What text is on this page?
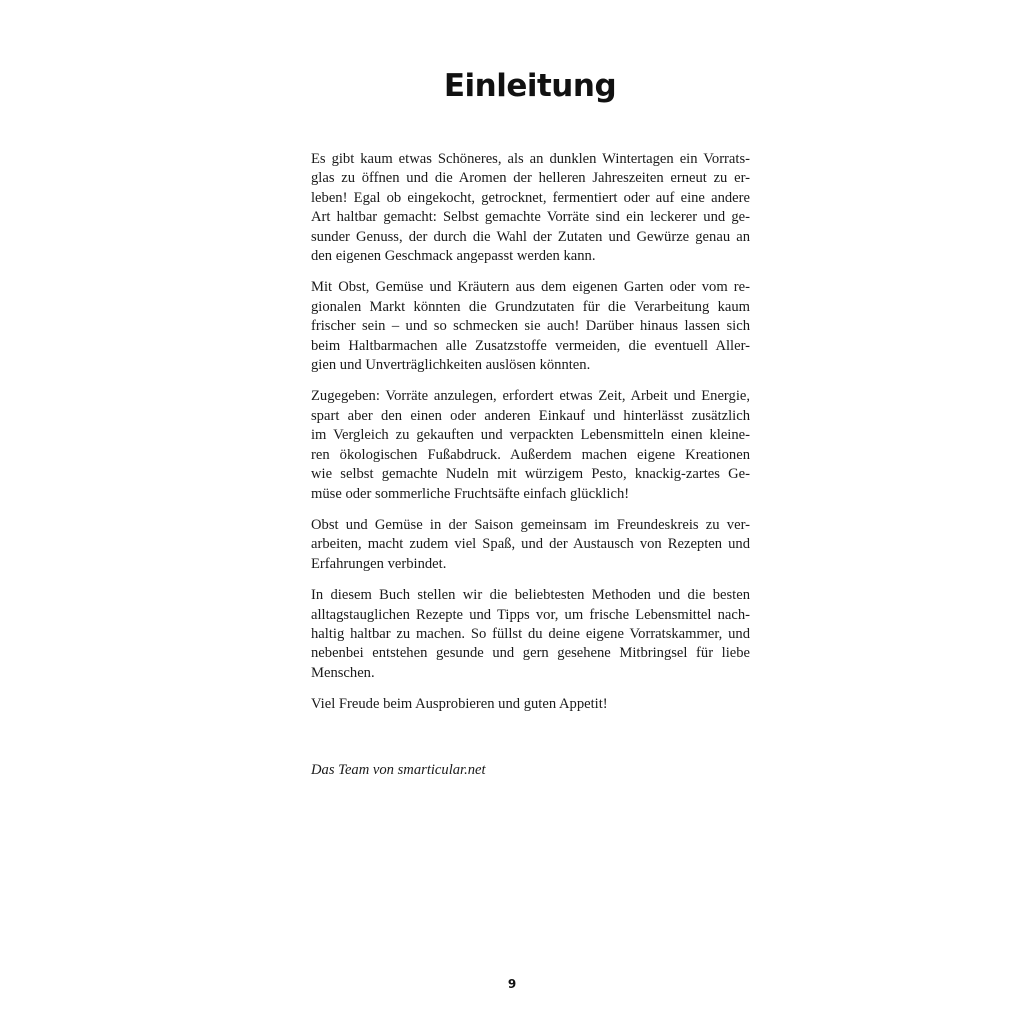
Einleitung

Es gibt kaum etwas Schöneres, als an dunklen Wintertagen ein Vorrats-
glas zu öffnen und die Aromen der helleren Jahreszeiten erneut zu er-
leben! Egal ob eingekocht, getrocknet, fermentiert oder auf eine andere
Art haltbar gemacht: Selbst gemachte Vorräte sind ein leckerer und ge-
sunder Genuss, der durch die Wahl der Zutaten und Gewürze genau an
den eigenen Geschmack angepasst werden kann.

Mit Obst, Gemüse und Kräutern aus dem eigenen Garten oder vom re-
gionalen Markt könnten die Grundzutaten für die Verarbeitung kaum
frischer sein – und so schmecken sie auch! Darüber hinaus lassen sich
beim Haltbarmachen alle Zusatzstoffe vermeiden, die eventuell Aller-
gien und Unverträglichkeiten auslösen könnten.

Zugegeben: Vorräte anzulegen, erfordert etwas Zeit, Arbeit und Energie,
spart aber den einen oder anderen Einkauf und hinterlässt zusätzlich
im Vergleich zu gekauften und verpackten Lebensmitteln einen kleine-
ren ökologischen Fußabdruck. Außerdem machen eigene Kreationen
wie selbst gemachte Nudeln mit würzigem Pesto, knackig-zartes Ge-
müse oder sommerliche Fruchtsäfte einfach glücklich!

Obst und Gemüse in der Saison gemeinsam im Freundeskreis zu ver-
arbeiten, macht zudem viel Spaß, und der Austausch von Rezepten und
Erfahrungen verbindet.

In diesem Buch stellen wir die beliebtesten Methoden und die besten
alltagstauglichen Rezepte und Tipps vor, um frische Lebensmittel nach-
haltig haltbar zu machen. So füllst du deine eigene Vorratskammer, und
nebenbei entstehen gesunde und gern gesehene Mitbringsel für liebe
Menschen.

Viel Freude beim Ausprobieren und guten Appetit!

Das Team von smarticular.net

9
